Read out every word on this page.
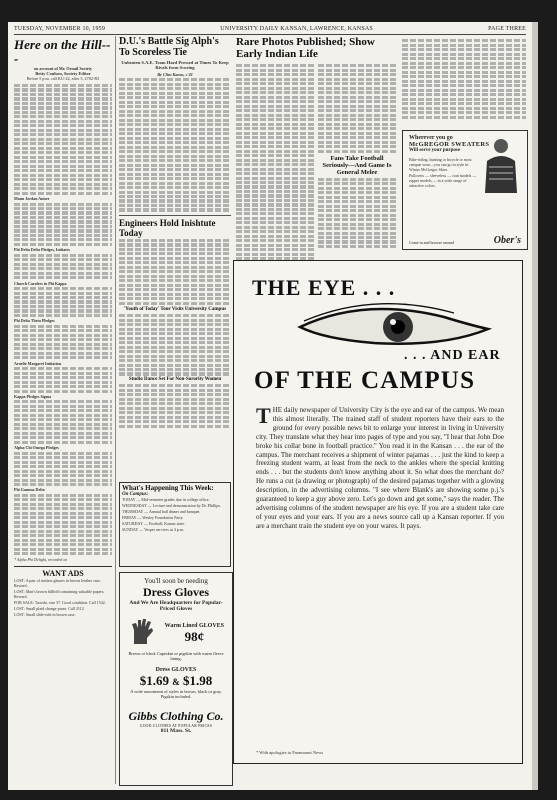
TUESDAY, NOVEMBER 10, 1959	UNIVERSITY DAILY KANSAN, LAWRENCE, KANSAS	PAGE THREE
Here on the Hill---
on account of Mr. Ornail Society
Betty Coulson, Society Editor
Before 5 p.m. call KU-22, after 5, 2702-R3
Mann Jordan Aniser
Phi Delta Delta Pledges, Initiates
Church Carolers in Phi Kappa
Phi Delta Theta Pledges
Aruelie Margaret Initiation
Kappa Pledges Sigma
Alpha Chi Omega Pledges
Phi Gamma Delta
* Alpha Phi Delight, recorded on
WANT ADS
LOST: A pair of rimless glasses in brown leather case. Reward.
LOST: Man's brown billfold containing valuable papers. Reward.
FOR SALE: Tuxedo, size 37. Good condition. Call 1542.
LOST: Small plaid change purse. Call 2112.
LOST: Small slide-rule in brown case.
D.U.'s Battle Sig Alph's To Scoreless Tie
Unbeaten S.A.E. Team Hard Pressed at Times To Keep Rivals from Scoring
By Clint Kanas, c'41
Engineers Hold Inishtute Today
'Youth of Today' Tour Visits University Campus
Studio Dance Set For Non-Sorority Women
Rare Photos Published; Show Early Indian Life
Fans Take Football Seriously—And Game Is General Melee
Wherever you go
McGREGOR SWEATERS
Will serve your purpose
Bike-riding, hunting or bicycle or most campus wear—you can go in style in Winter McGregor Skies
Pullovers — sleeveless — coat models — zipper models — in a wide range of attractive colors.
Come in and browse around	Ober's
What's Happening This Week:
On Campus:
TODAY — Mid-semester grades due in college office.
WEDNESDAY — Lecture and demonstration by Dr. Phillips.
THURSDAY — Annual ball dinner and banquet.
FRIDAY — Wesley Foundation Party.
SATURDAY — Football, Kansas state.
SUNDAY — Vesper services at 4 p.m.
You'll soon be needing
Dress Gloves
And We Are Headquarters for Popular-Priced Gloves
Warm Lined GLOVES
98¢
Brown or black Capeskin or pigskin with warm fleece lining.
Dress GLOVES
$1.69 & $1.98
A wide assortment of styles in brown, black or gray. Pigskin included.
Gibbs Clothing Co.
GOOD CLOTHES AT POPULAR PRICES
811 Mass. St.
THE EYE . . .
. . . AND EAR
OF THE CAMPUS
THE daily newspaper of University City is the eye and ear of the campus. We mean this almost literally. The trained staff of student reporters have their ears to the ground for every possible news bit to enlarge your interest in living in University city. They translate what they hear into pages of type and you say, "I hear that John Doe broke his collar bone in football practice." You read it in the Kansan . . . the ear of the campus. The merchant receives a shipment of winter pajamas . . . just the kind to keep a freezing student warm, at least from the neck to the ankles where the special knitting ends . . . but the students don't know anything about it. So what does the merchant do? He runs a cut (a drawing or photograph) of the desired pajamas together with a glowing description, in the advertising columns. "I see where Blank's are showing some p.j.'s guaranteed to keep a guy above zero. Let's go down and get some," says the reader. The advertising columns of the student newspaper are his eye. If you are a student take care of your eyes and your ears. If you are a news source call up a Kansan reporter. If you are a merchant train the student eye on your wares. It pays.
* With apologies to Paramount News
